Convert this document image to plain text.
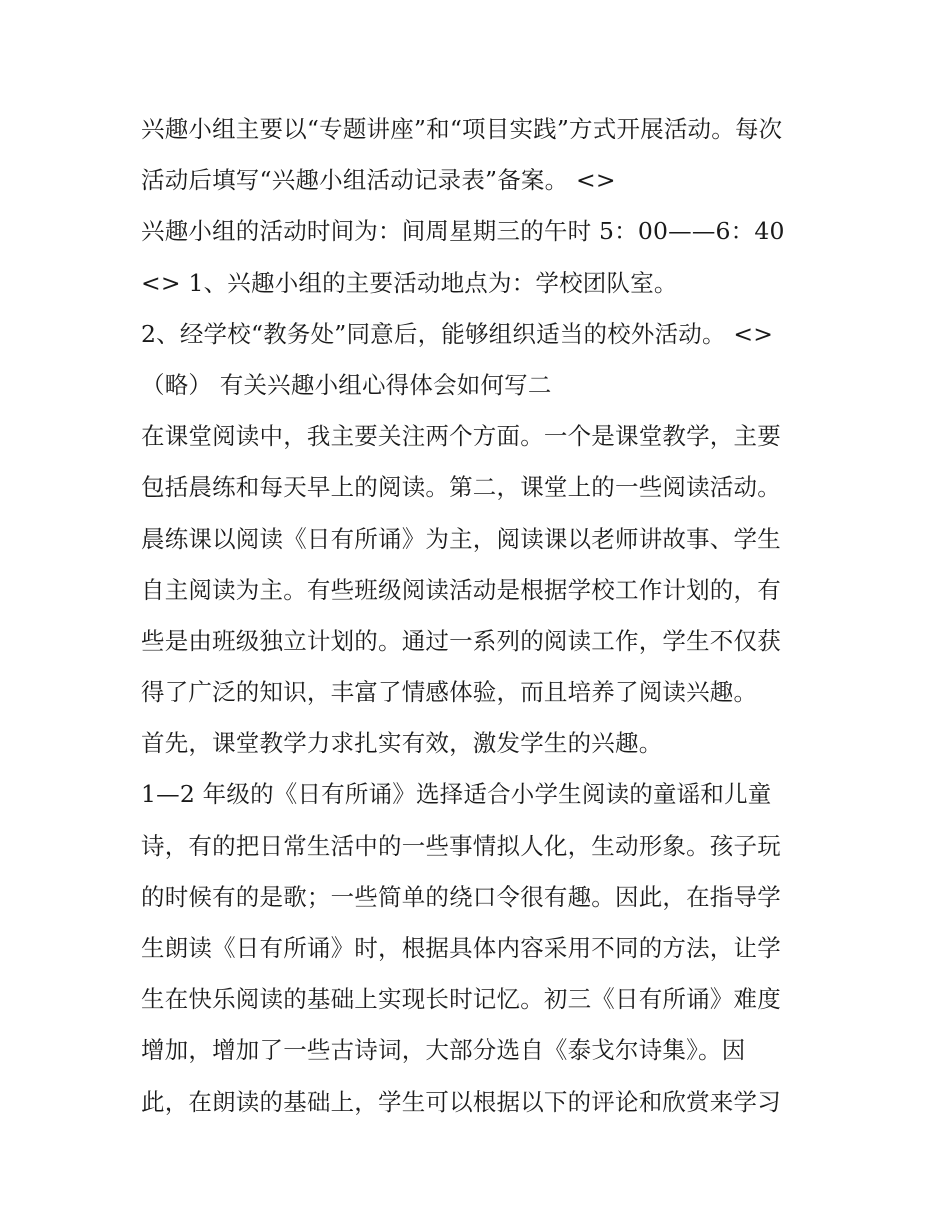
兴趣小组主要以“专题讲座”和“项目实践”方式开展活动。每次
活动后填写“兴趣小组活动记录表”备案。 <>
兴趣小组的活动时间为：间周星期三的午时 5：00——6：40
<> 1、兴趣小组的主要活动地点为：学校团队室。
2、经学校“教务处”同意后，能够组织适当的校外活动。 <>
（略） 有关兴趣小组心得体会如何写二
在课堂阅读中，我主要关注两个方面。一个是课堂教学，主要
包括晨练和每天早上的阅读。第二，课堂上的一些阅读活动。
晨练课以阅读《日有所诵》为主，阅读课以老师讲故事、学生
自主阅读为主。有些班级阅读活动是根据学校工作计划的，有
些是由班级独立计划的。通过一系列的阅读工作，学生不仅获
得了广泛的知识，丰富了情感体验，而且培养了阅读兴趣。
首先，课堂教学力求扎实有效，激发学生的兴趣。
1—2 年级的《日有所诵》选择适合小学生阅读的童谣和儿童
诗，有的把日常生活中的一些事情拟人化，生动形象。孩子玩
的时候有的是歌；一些简单的绕口令很有趣。因此，在指导学
生朗读《日有所诵》时，根据具体内容采用不同的方法，让学
生在快乐阅读的基础上实现长时记忆。初三《日有所诵》难度
增加，增加了一些古诗词，大部分选自《泰戈尔诗集》。因
此，在朗读的基础上，学生可以根据以下的评论和欣赏来学习
